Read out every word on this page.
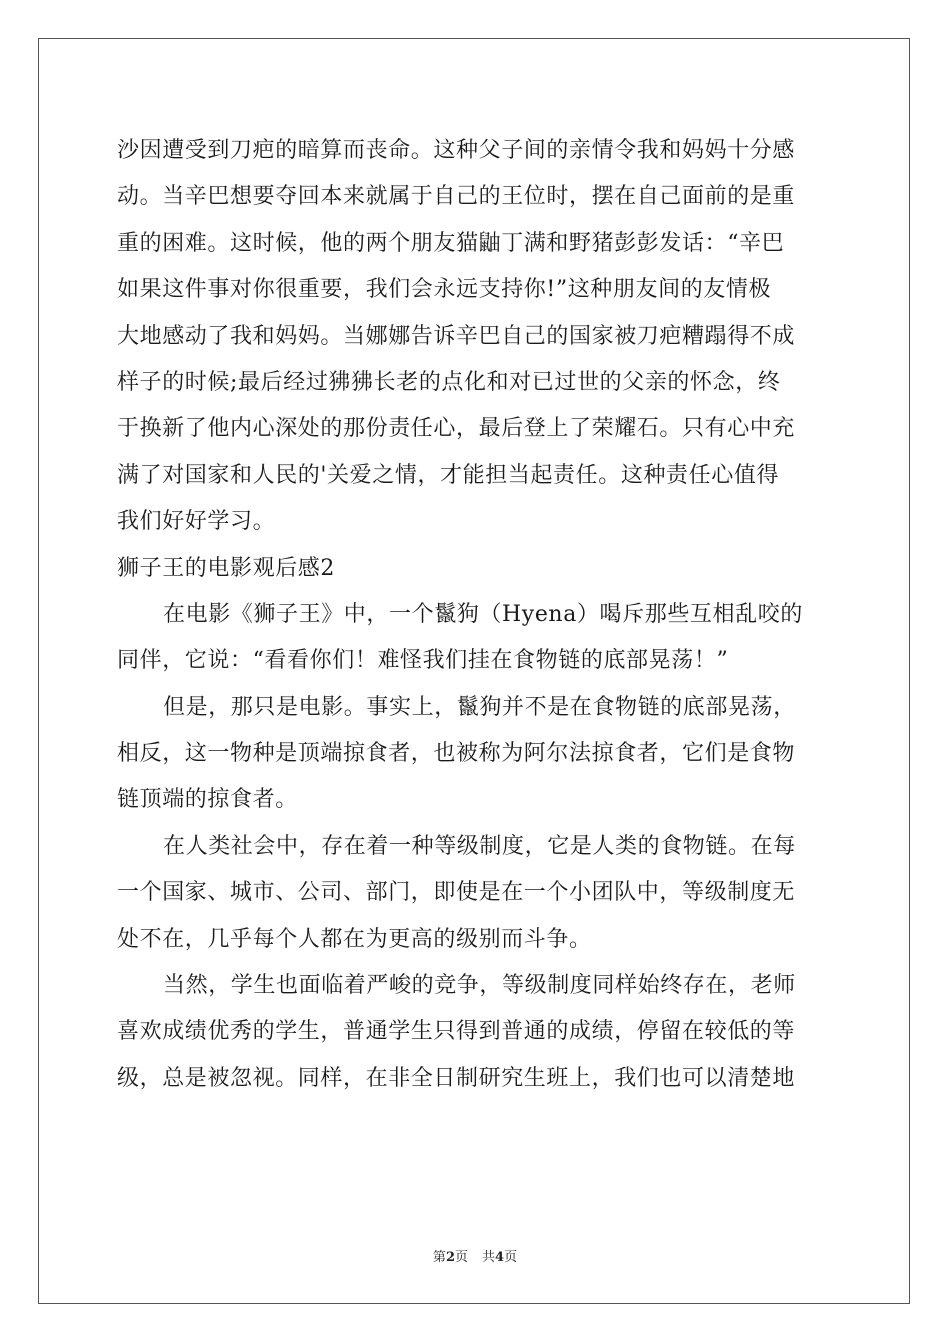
沙因遭受到刀疤的暗算而丧命。这种父子间的亲情令我和妈妈十分感
动。当辛巴想要夺回本来就属于自己的王位时，摆在自己面前的是重
重的困难。这时候，他的两个朋友猫鼬丁满和野猪彭彭发话：“辛巴
如果这件事对你很重要，我们会永远支持你!”这种朋友间的友情极
大地感动了我和妈妈。当娜娜告诉辛巴自己的国家被刀疤糟蹋得不成
样子的时候;最后经过狒狒长老的点化和对已过世的父亲的怀念，终
于换新了他内心深处的那份责任心，最后登上了荣耀石。只有心中充
满了对国家和人民的'关爱之情，才能担当起责任。这种责任心值得
我们好好学习。
狮子王的电影观后感2
在电影《狮子王》中，一个鬣狗（Hyena）喝斥那些互相乱咬的
同伴，它说：“看看你们！难怪我们挂在食物链的底部晃荡！”
但是，那只是电影。事实上，鬣狗并不是在食物链的底部晃荡，
相反，这一物种是顶端掠食者，也被称为阿尔法掠食者，它们是食物
链顶端的掠食者。
在人类社会中，存在着一种等级制度，它是人类的食物链。在每
一个国家、城市、公司、部门，即使是在一个小团队中，等级制度无
处不在，几乎每个人都在为更高的级别而斗争。
当然，学生也面临着严峻的竞争，等级制度同样始终存在，老师
喜欢成绩优秀的学生，普通学生只得到普通的成绩，停留在较低的等
级，总是被忽视。同样，在非全日制研究生班上，我们也可以清楚地
第2页 共4页
